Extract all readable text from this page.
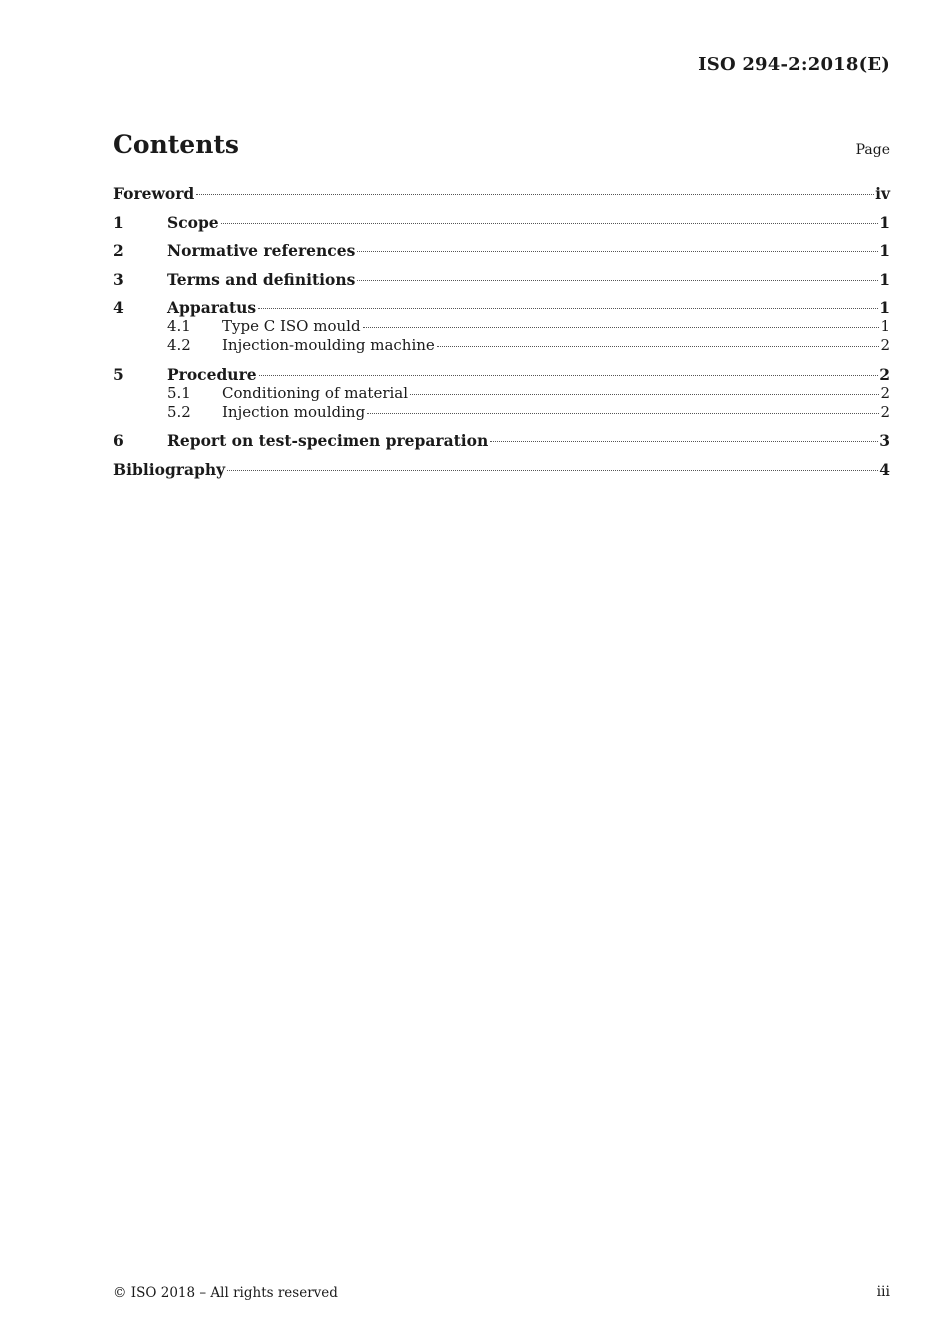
ISO 294-2:2018(E)
Contents	Page
Foreword	iv
1	Scope	1
2	Normative references	1
3	Terms and definitions	1
4	Apparatus	1
4.1	Type C ISO mould	1
4.2	Injection-moulding machine	2
5	Procedure	2
5.1	Conditioning of material	2
5.2	Injection moulding	2
6	Report on test-specimen preparation	3
Bibliography	4
© ISO 2018 – All rights reserved	iii
